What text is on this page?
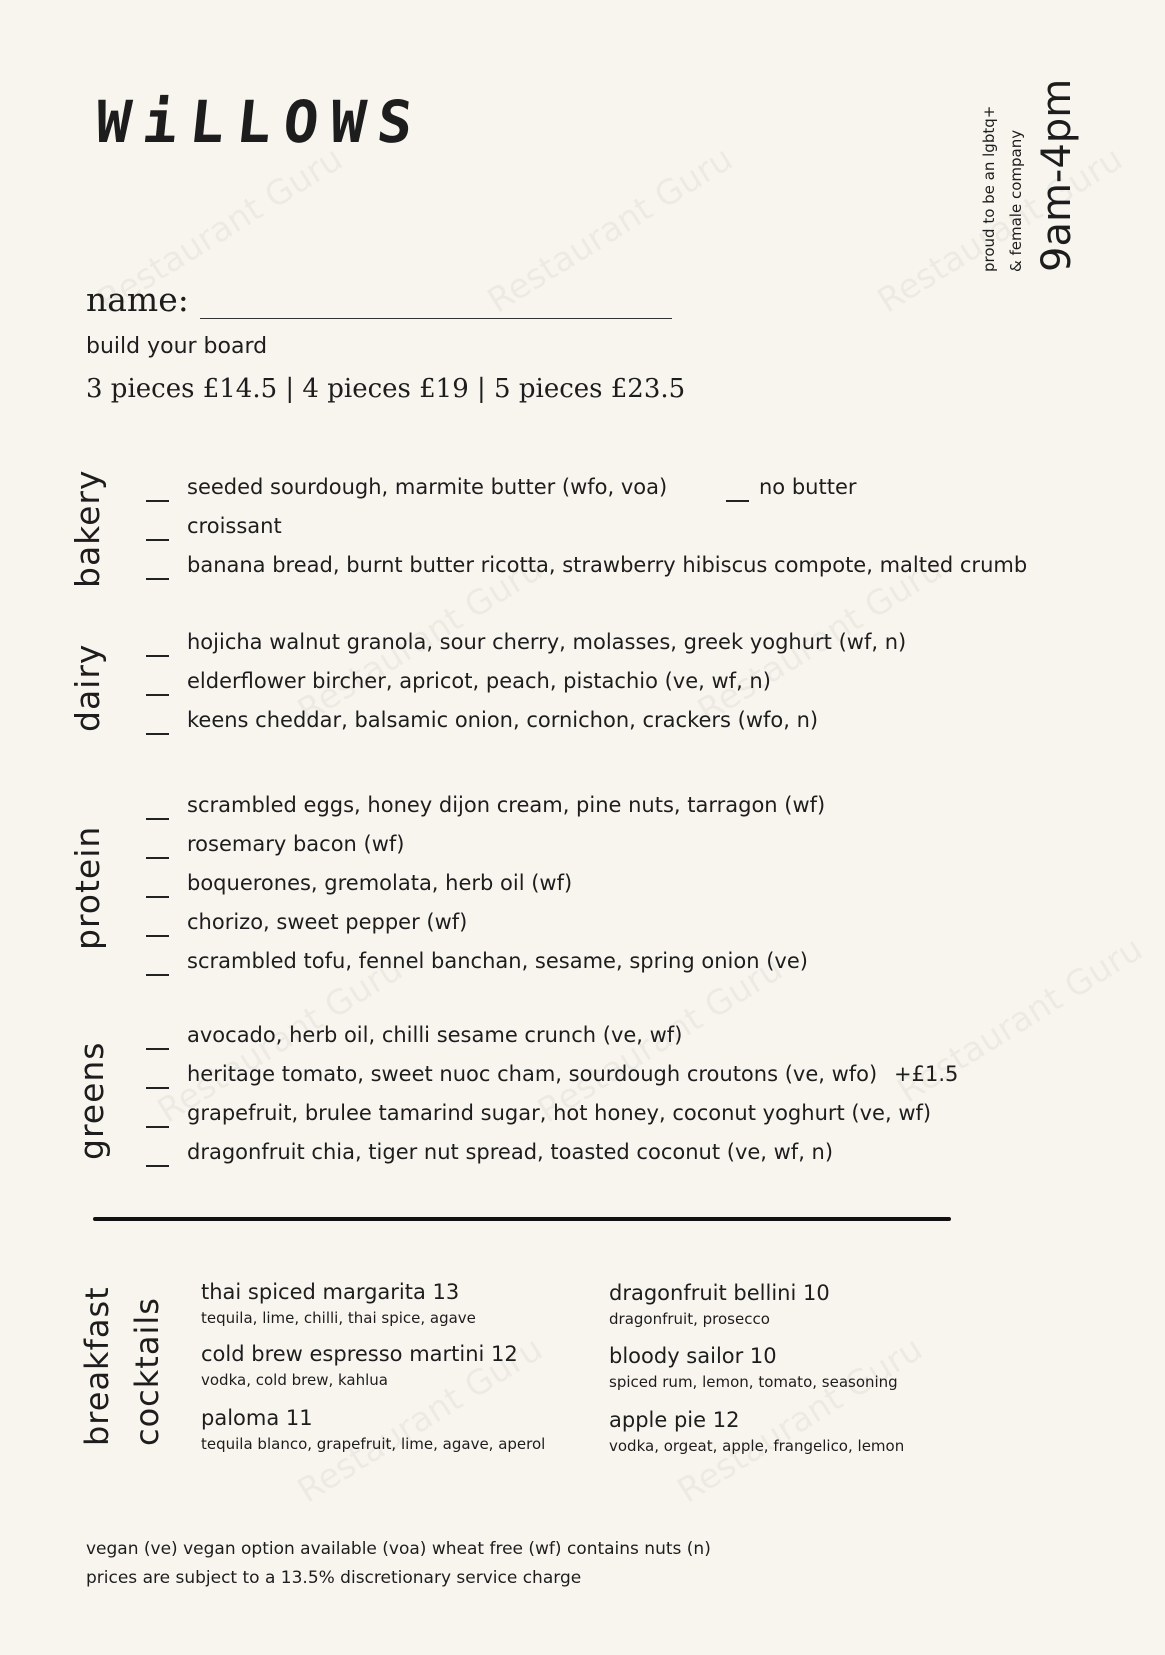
WiLLOWS	proud to be an lgbtq+ & female company 9am-4pm
name:
build your board
3 pieces £14.5 | 4 pieces £19 | 5 pieces £23.5
bakery	seeded sourdough, marmite butter (wfo, voa)	no butter
croissant
banana bread, burnt butter ricotta, strawberry hibiscus compote, malted crumb
dairy
hojicha walnut granola, sour cherry, molasses, greek yoghurt (wf, n)
elderflower bircher, apricot, peach, pistachio (ve, wf, n)
keens cheddar, balsamic onion, cornichon, crackers (wfo, n)
protein
scrambled eggs, honey dijon cream, pine nuts, tarragon (wf)
rosemary bacon (wf)
boquerones, gremolata, herb oil (wf)
chorizo, sweet pepper (wf)
scrambled tofu, fennel banchan, sesame, spring onion (ve)
greens
avocado, herb oil, chilli sesame crunch (ve, wf)
heritage tomato, sweet nuoc cham, sourdough croutons (ve, wfo) +£1.5
grapefruit, brulee tamarind sugar, hot honey, coconut yoghurt (ve, wf)
dragonfruit chia, tiger nut spread, toasted coconut (ve, wf, n)
breakfast cocktails
thai spiced margarita 13
tequila, lime, chilli, thai spice, agave
cold brew espresso martini 12
vodka, cold brew, kahlua
paloma 11
tequila blanco, grapefruit, lime, agave, aperol
dragonfruit bellini 10
dragonfruit, prosecco
bloody sailor 10
spiced rum, lemon, tomato, seasoning
apple pie 12
vodka, orgeat, apple, frangelico, lemon
vegan (ve) vegan option available (voa) wheat free (wf) contains nuts (n)
prices are subject to a 13.5% discretionary service charge
